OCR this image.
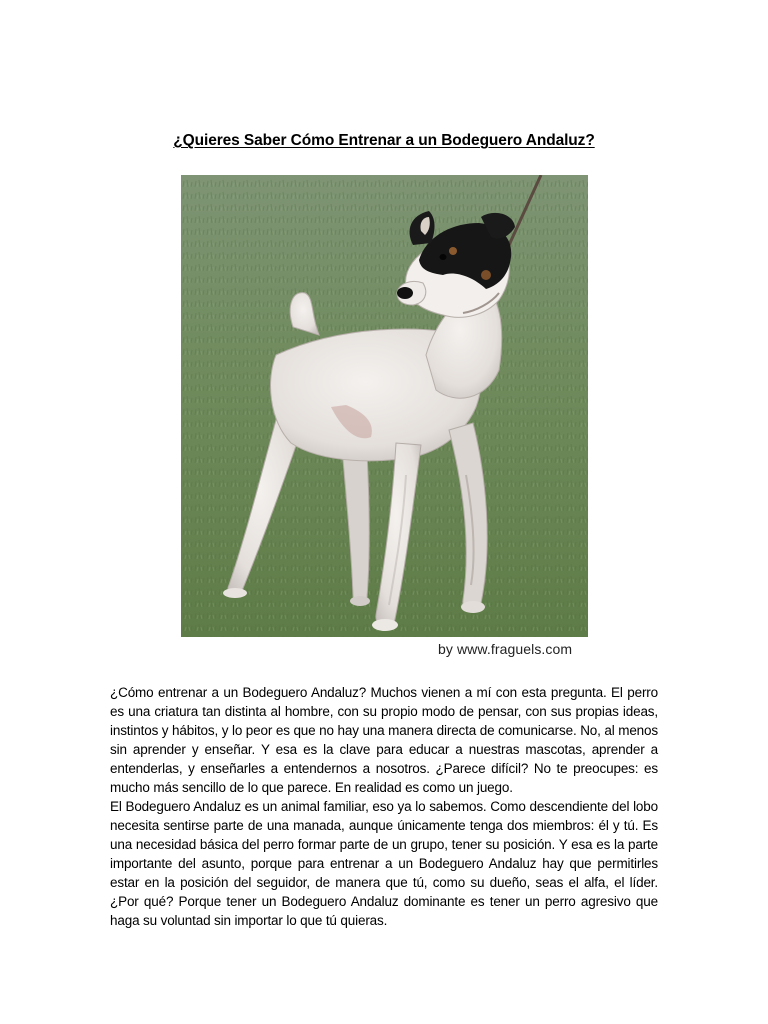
¿Quieres Saber Cómo Entrenar a un Bodeguero Andaluz?
by www.fraguels.com

¿Cómo entrenar a un Bodeguero Andaluz? Muchos vienen a mí con esta pregunta. El perro es una criatura tan distinta al hombre, con su propio modo de pensar, con sus propias ideas, instintos y hábitos, y lo peor es que no hay una manera directa de comunicarse. No, al menos sin aprender y enseñar. Y esa es la clave para educar a nuestras mascotas, aprender a entenderlas, y enseñarles a entendernos a nosotros. ¿Parece difícil? No te preocupes: es mucho más sencillo de lo que parece. En realidad es como un juego.

El Bodeguero Andaluz es un animal familiar, eso ya lo sabemos. Como descendiente del lobo necesita sentirse parte de una manada, aunque únicamente tenga dos miembros: él y tú. Es una necesidad básica del perro formar parte de un grupo, tener su posición. Y esa es la parte importante del asunto, porque para entrenar a un Bodeguero Andaluz hay que permitirles estar en la posición del seguidor, de manera que tú, como su dueño, seas el alfa, el líder. ¿Por qué? Porque tener un Bodeguero Andaluz dominante es tener un perro agresivo que haga su voluntad sin importar lo que tú quieras.
